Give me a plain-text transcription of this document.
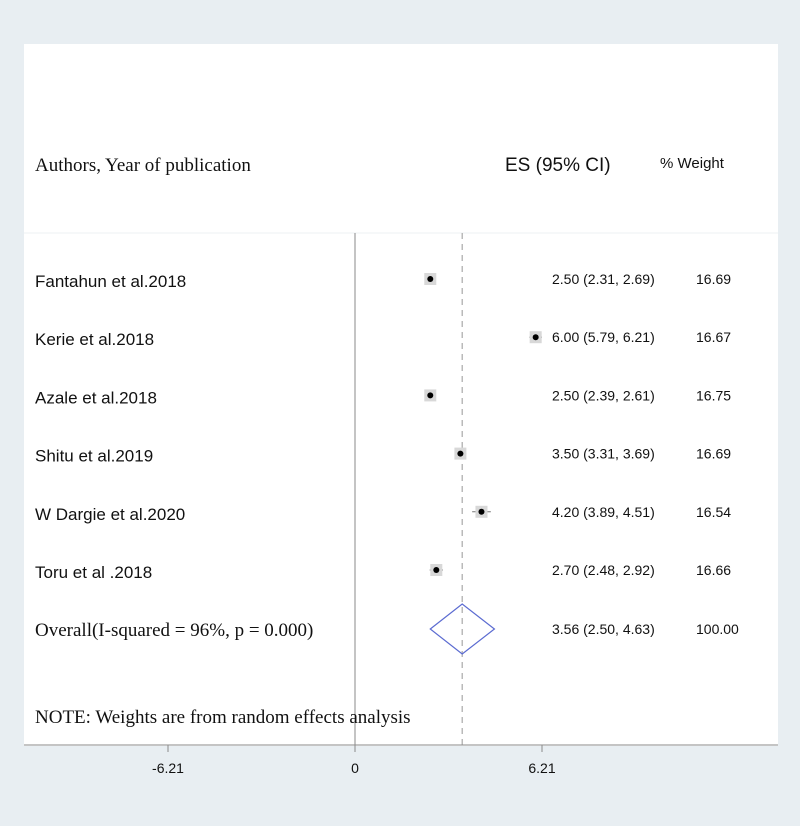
Authors, Year of publication	ES (95% CI)	% Weight
Fantahun et al.2018	2.50 (2.31, 2.69)	16.69
Kerie et al.2018	6.00 (5.79, 6.21)	16.67
Azale et al.2018	2.50 (2.39, 2.61)	16.75
Shitu et al.2019	3.50 (3.31, 3.69)	16.69
W Dargie et al.2020	4.20 (3.89, 4.51)	16.54
Toru et al .2018	2.70 (2.48, 2.92)	16.66
Overall(I-squared = 96%, p = 0.000)	3.56 (2.50, 4.63)	100.00
NOTE: Weights are from random effects analysis
-6.21	0	6.21
